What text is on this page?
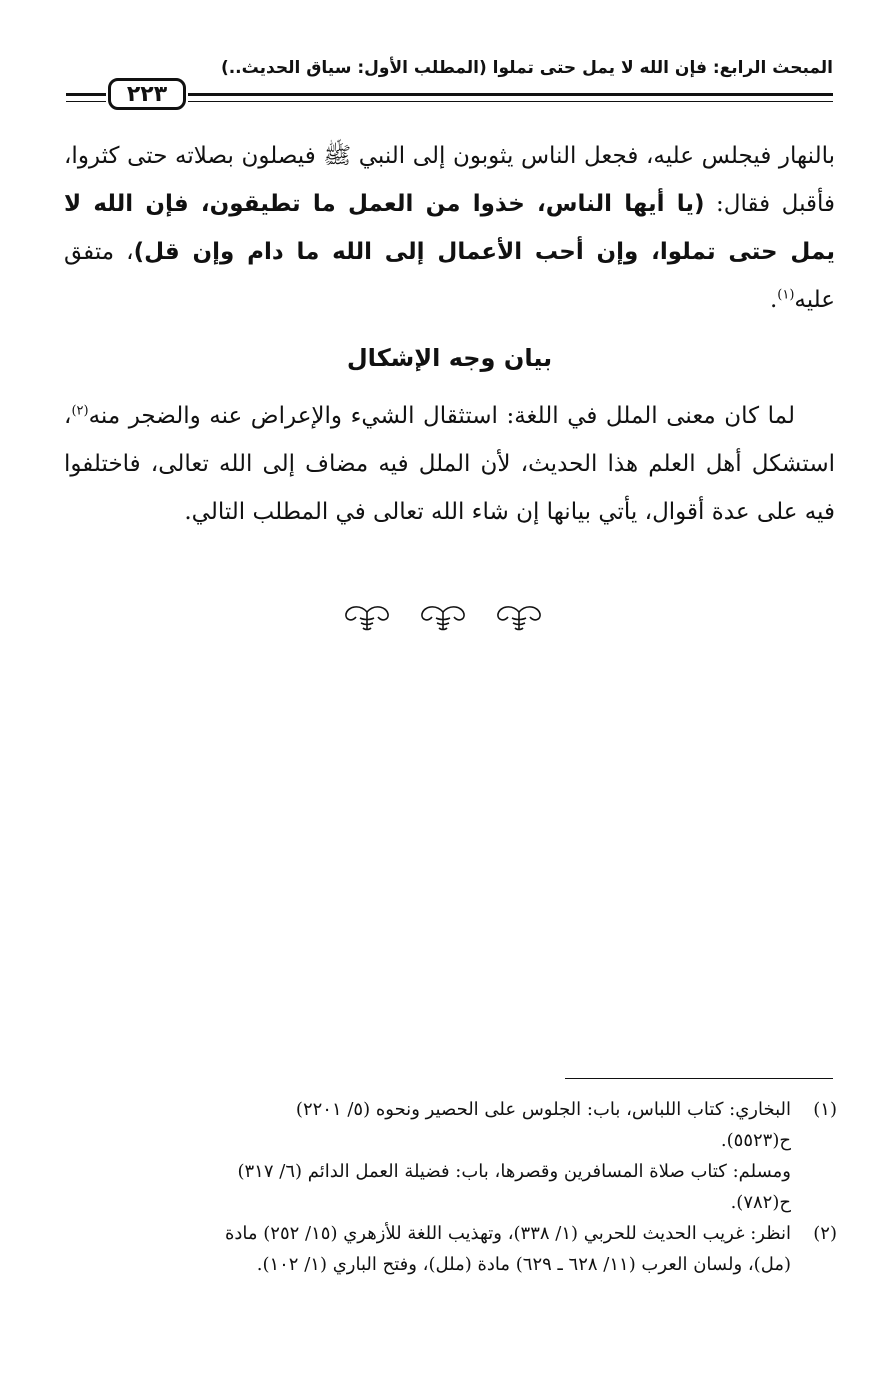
المبحث الرابع: فإن الله لا يمل حتى تملوا (المطلب الأول: سياق الحديث..)
٢٢٣

بالنهار فيجلس عليه، فجعل الناس يثوبون إلى النبي ﷺ فيصلون بصلاته حتى كثروا، فأقبل فقال: (يا أيها الناس، خذوا من العمل ما تطيقون، فإن الله لا يمل حتى تملوا، وإن أحب الأعمال إلى الله ما دام وإن قل)، متفق عليه$^{(١)}$.

بيان وجه الإشكال
لما كان معنى الملل في اللغة: استثقال الشيء والإعراض عنه والضجر منه$^{(٢)}$، استشكل أهل العلم هذا الحديث، لأن الملل فيه مضاف إلى الله تعالى، فاختلفوا فيه على عدة أقوال، يأتي بيانها إن شاء الله تعالى في المطلب التالي.
(١)
البخاري: كتاب اللباس، باب: الجلوس على الحصير ونحوه (٥/ ٢٢٠١)
ح(٥٥٢٣).
ومسلم: كتاب صلاة المسافرين وقصرها، باب: فضيلة العمل الدائم (٦/ ٣١٧)
ح(٧٨٢).
(٢)
انظر: غريب الحديث للحربي (١/ ٣٣٨)، وتهذيب اللغة للأزهري (١٥/ ٢٥٢) مادة
(مل)، ولسان العرب (١١/ ٦٢٨ ـ ٦٢٩) مادة (ملل)، وفتح الباري (١/ ١٠٢).
